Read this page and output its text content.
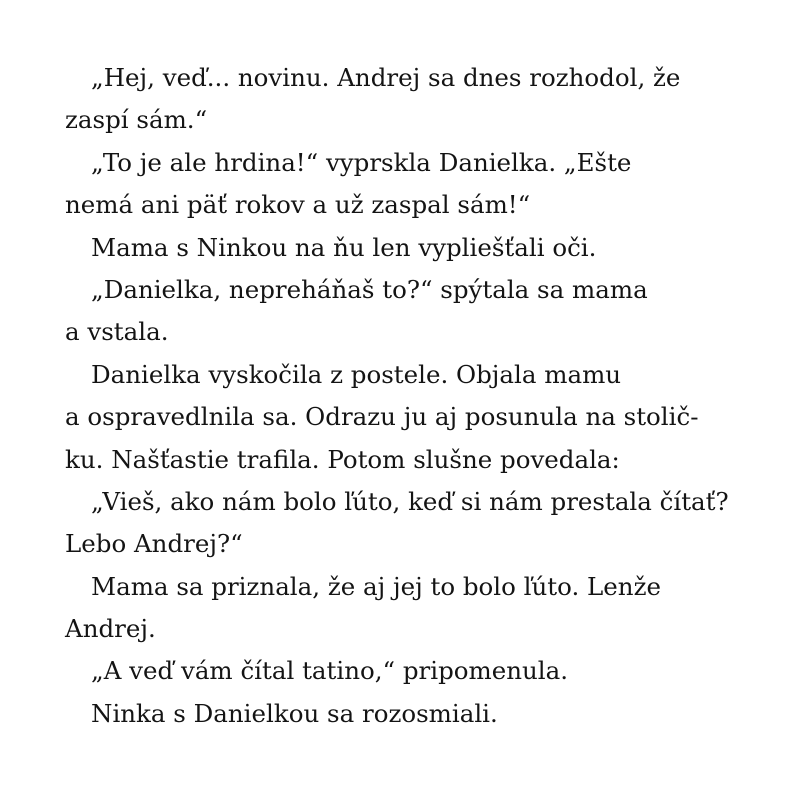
„Hej, veď... novinu. Andrej sa dnes rozhodol, že
zaspí sám.“
„To je ale hrdina!“ vyprskla Danielka. „Ešte
nemá ani päť rokov a už zaspal sám!“
Mama s Ninkou na ňu len vypliešťali oči.
„Danielka, nepreháňaš to?“ spýtala sa mama
a vstala.
Danielka vyskočila z postele. Objala mamu
a ospravedlnila sa. Odrazu ju aj posunula na stolič-
ku. Našťastie trafila. Potom slušne povedala:
„Vieš, ako nám bolo ľúto, keď si nám prestala čítať?
Lebo Andrej?“
Mama sa priznala, že aj jej to bolo ľúto. Lenže
Andrej.
„A veď vám čítal tatino,“ pripomenula.
Ninka s Danielkou sa rozosmiali.
